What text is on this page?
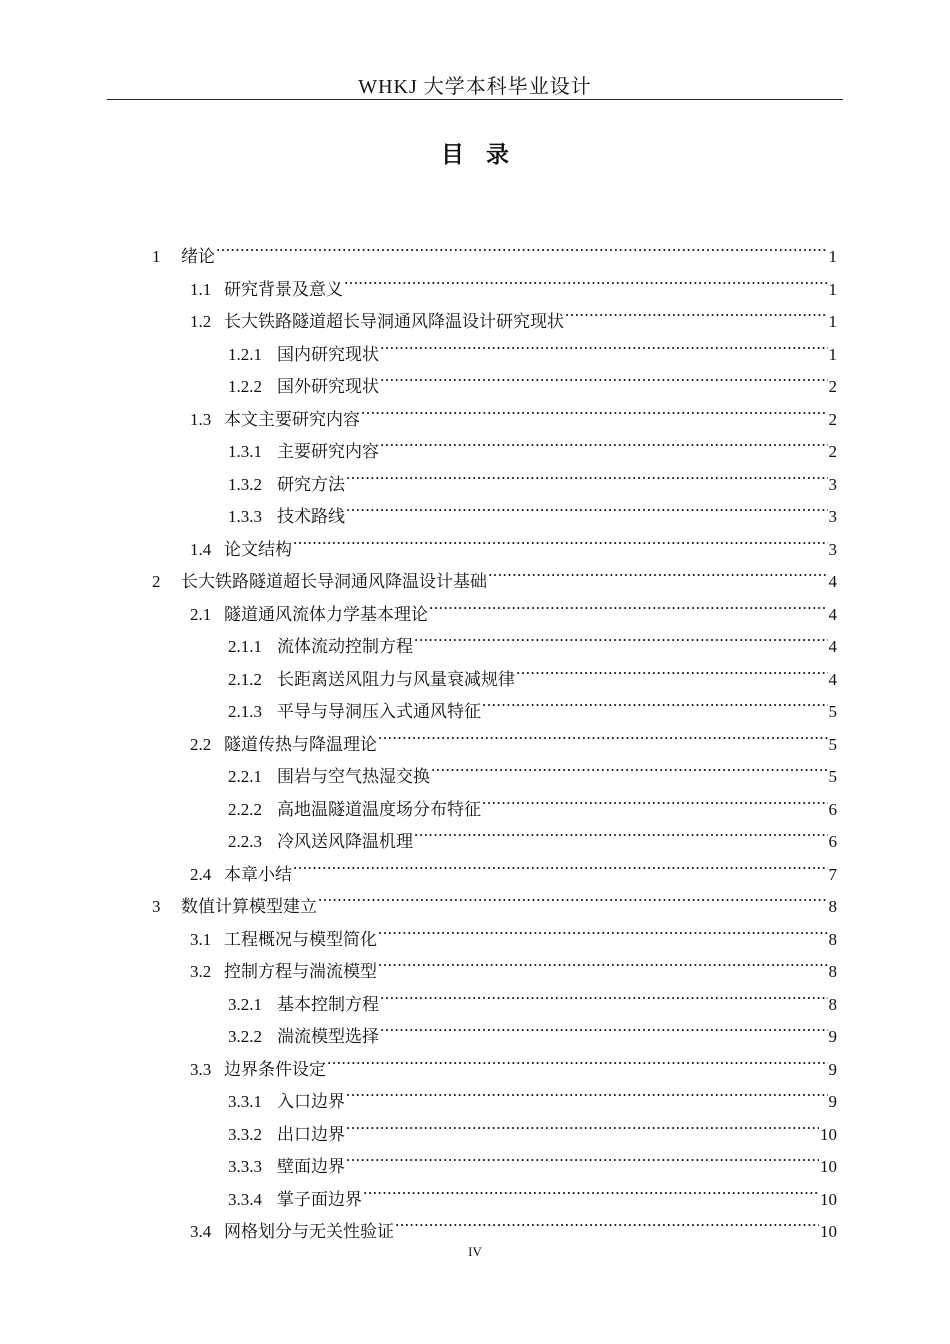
WHKJ 大学本科毕业设计
目录
1	绪论 .....	1
1.1 研究背景及意义 .....	1
1.2 长大铁路隧道超长导洞通风降温设计研究现状 .....	1
1.2.1 国内研究现状 .....	1
1.2.2 国外研究现状 .....	2
1.3 本文主要研究内容 .....	2
1.3.1 主要研究内容 .....	2
1.3.2 研究方法 .....	3
1.3.3 技术路线 .....	3
1.4 论文结构 .....	3
2	长大铁路隧道超长导洞通风降温设计基础 .....	4
2.1 隧道通风流体力学基本理论 .....	4
2.1.1 流体流动控制方程 .....	4
2.1.2 长距离送风阻力与风量衰减规律 .....	4
2.1.3 平导与导洞压入式通风特征 .....	5
2.2 隧道传热与降温理论 .....	5
2.2.1 围岩与空气热湿交换 .....	5
2.2.2 高地温隧道温度场分布特征 .....	6
2.2.3 冷风送风降温机理 .....	6
2.4 本章小结 .....	7
3	数值计算模型建立 .....	8
3.1 工程概况与模型简化 .....	8
3.2 控制方程与湍流模型 .....	8
3.2.1 基本控制方程 .....	8
3.2.2 湍流模型选择 .....	9
3.3 边界条件设定 .....	9
3.3.1 入口边界 .....	9
3.3.2 出口边界 .....	10
3.3.3 壁面边界 .....	10
3.3.4 掌子面边界 .....	10
3.4 网格划分与无关性验证 .....	10
IV
